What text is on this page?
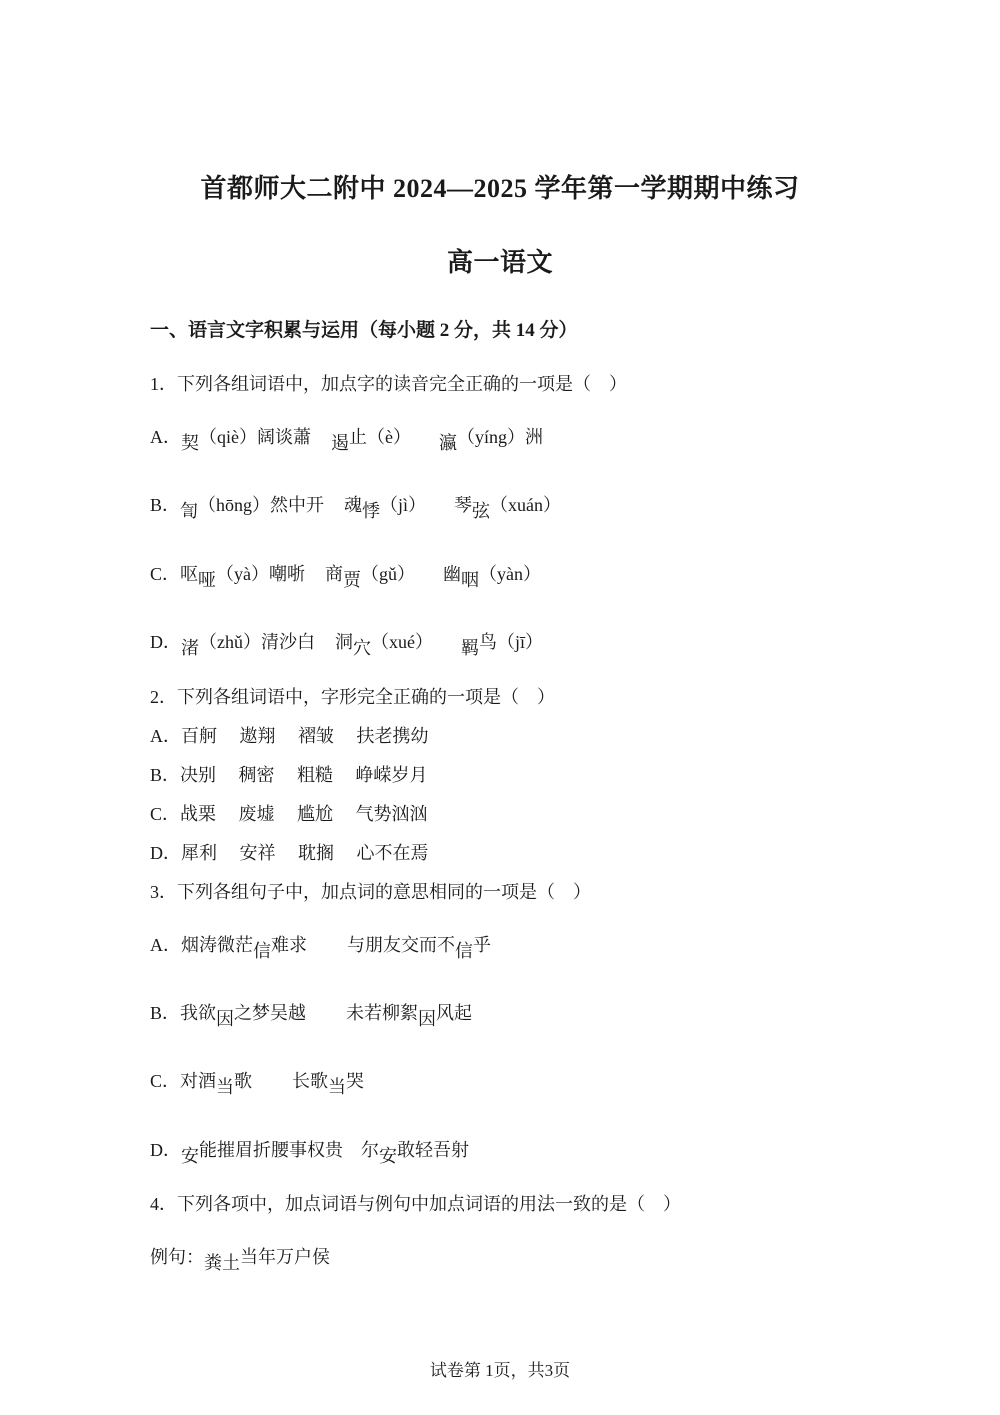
首都师大二附中 2024—2025 学年第一学期期中练习
高一语文
一、语言文字积累与运用（每小题 2 分，共 14 分）
1．下列各组词语中，加点字的读音完全正确的一项是（　）
A．契（qiè）阔谈蕭 遏止（è） 瀛（yíng）洲
B．訇（hōng）然中开 魂悸（jì） 琴弦（xuán）
C．呕哑（yà）嘲哳 商贾（gǔ） 幽咽（yàn）
D．渚（zhǔ）清沙白 洞穴（xué） 羁鸟（jī）
2．下列各组词语中，字形完全正确的一项是（　）
A．百舸　 遨翔　 褶皱　 扶老携幼
B．决别　 稠密　 粗糙　 峥嵘岁月
C．战栗　 废墟　 尴尬　 气势汹汹
D．犀利　 安祥　 耽搁　 心不在焉
3．下列各组句子中，加点词的意思相同的一项是（　）
A．烟涛微茫信难求 与朋友交而不信乎
B．我欲因之梦吴越 未若柳絮因风起
C．对酒当歌 长歌当哭
D．安能摧眉折腰事权贵 尔安敢轻吾射
4．下列各项中，加点词语与例句中加点词语的用法一致的是（　）
例句：粪土当年万户侯
试卷第 1页，共3页
